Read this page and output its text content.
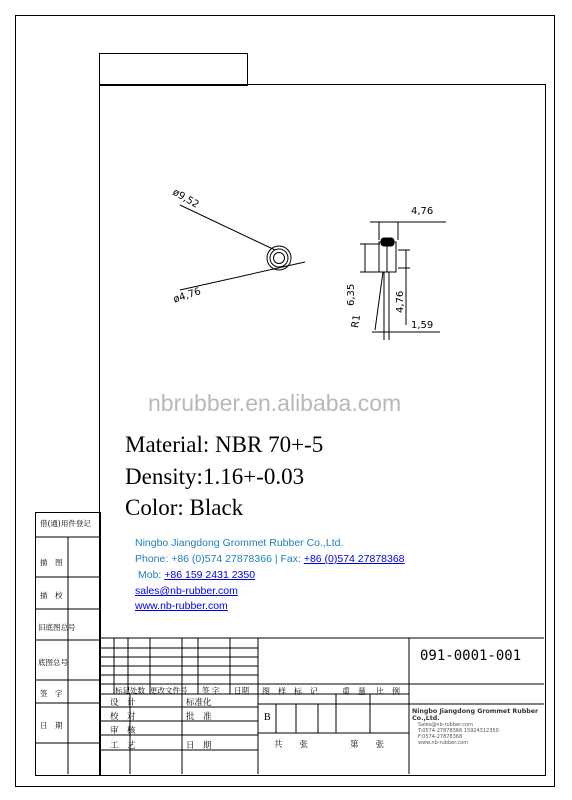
借(通)用件登记
描　图
描　校
旧底图总号
底图总号
签　字
日　期
ø9,52
ø4,76
4,76
6,35	4,76
R1	1,59
nbrubber.en.alibaba.com
Material: NBR 70+-5
Density:1.16+-0.03
Color: Black
Ningbo Jiangdong Grommet Rubber Co.,Ltd.
Phone: +86 (0)574 27878366 | Fax: +86 (0)574 27878368
Mob: +86 159 2431 2350
sales@nb-rubber.com
www.nb-rubber.com
091-0001-001
标记 处数 更改文件号 签 字 日期
设　计	标准化
校　对	批　准
审　核
工　艺	日　期
图　样　标　记	重　量 比　例
B
共　　张	第　　张
Ningbo Jiangdong Grommet Rubber Co.,Ltd.
Sales@nb-rubber.com
T:0574-27878366 15924312350
F:0574-27878368
www.nb-rubber.com
